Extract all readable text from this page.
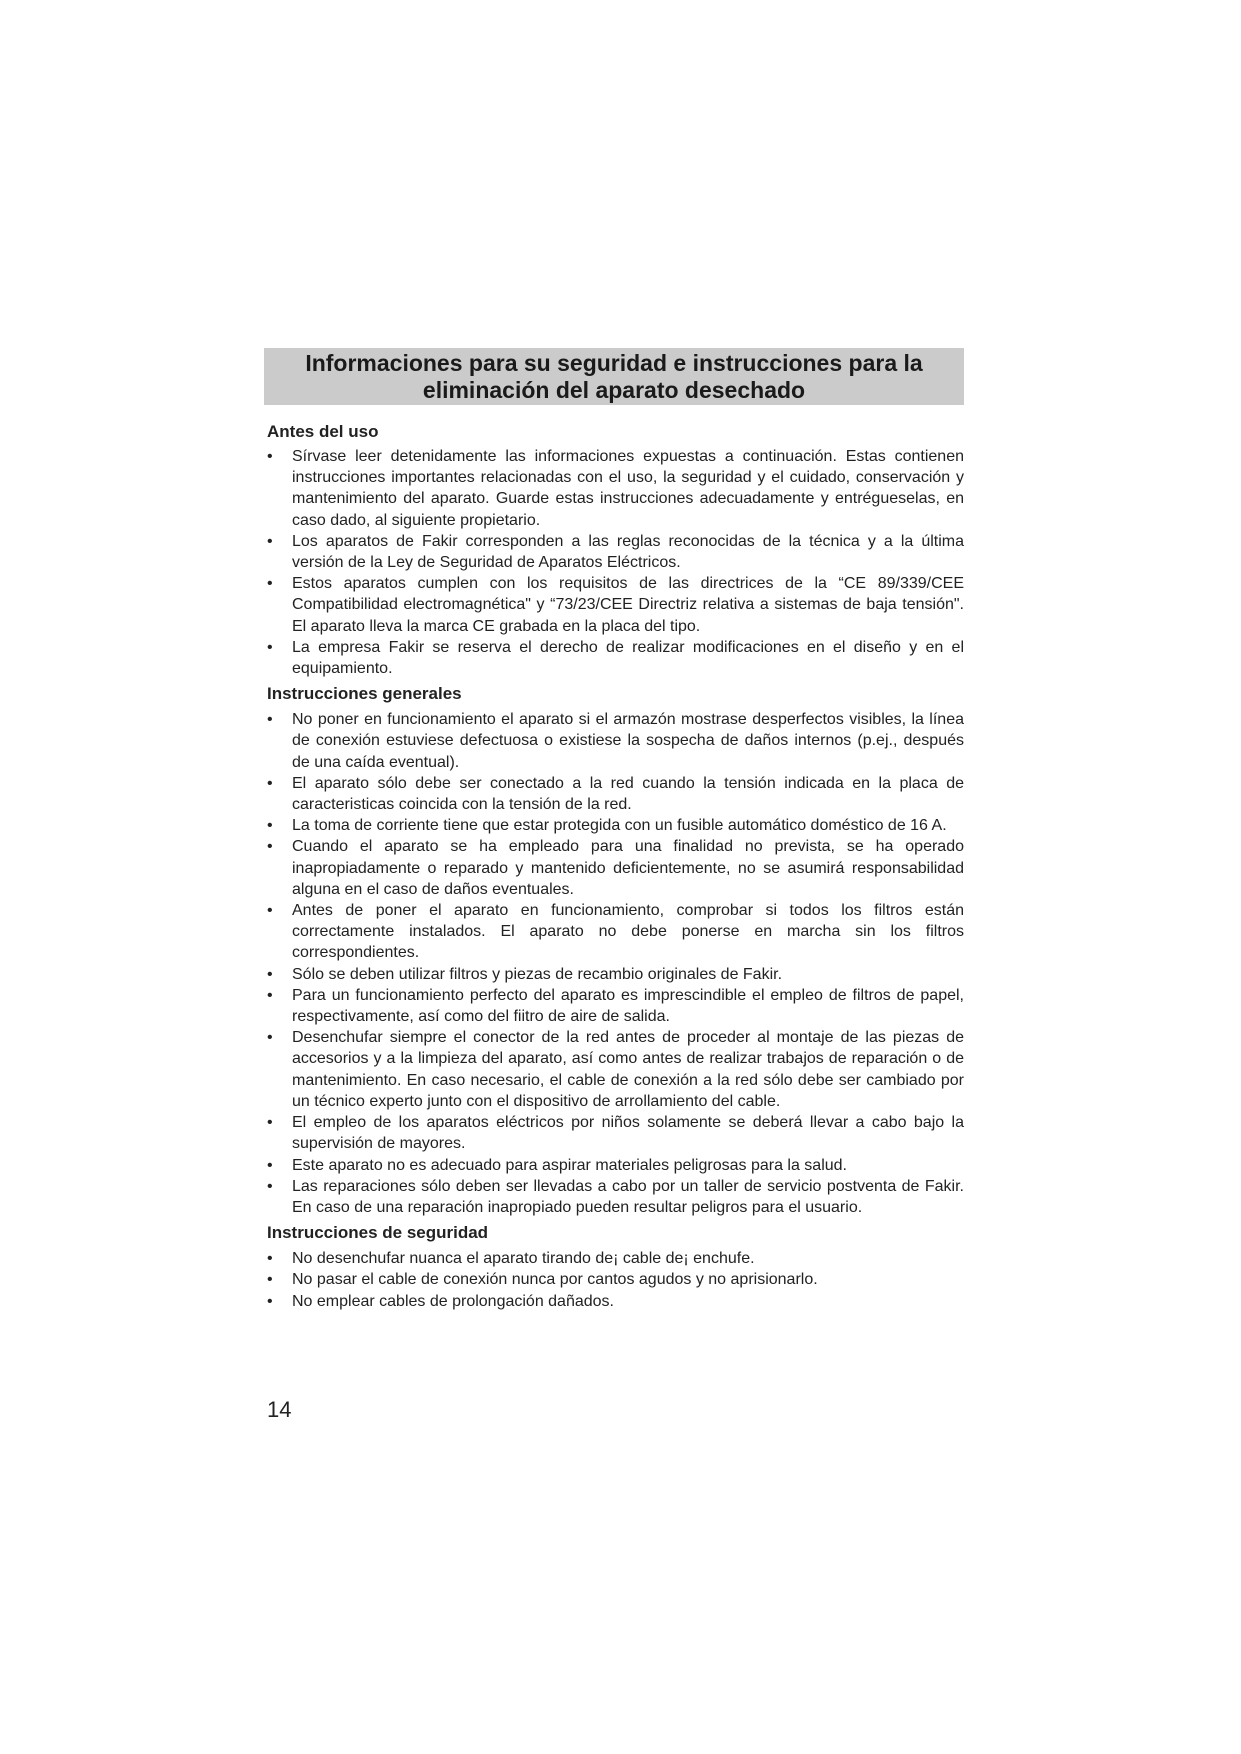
Informaciones para su seguridad e instrucciones para la
eliminación del aparato desechado
Antes del uso
• Sírvase leer detenidamente las informaciones expuestas a continuación. Estas contienen instrucciones importantes relacionadas con el uso, la seguridad y el cuidado, conservación y mantenimiento del aparato. Guarde estas instrucciones adecuadamente y entrégueselas, en caso dado, al siguiente propietario.
• Los aparatos de Fakir corresponden a las reglas reconocidas de la técnica y a la última versión de la Ley de Seguridad de Aparatos Eléctricos.
• Estos aparatos cumplen con los requisitos de las directrices de la “CE 89/339/CEE Compatibilidad electromagnética" y “73/23/CEE Directriz relativa a sistemas de baja tensión". El aparato lleva la marca CE grabada en la placa del tipo.
• La empresa Fakir se reserva el derecho de realizar modificaciones en el diseño y en el equipamiento.
Instrucciones generales
• No poner en funcionamiento el aparato si el armazón mostrase desperfectos visibles, la línea de conexión estuviese defectuosa o existiese la sospecha de daños internos (p.ej., después de una caída eventual).
• El aparato sólo debe ser conectado a la red cuando la tensión indicada en la placa de caracteristicas coincida con la tensión de la red.
• La toma de corriente tiene que estar protegida con un fusible automático doméstico de 16 A.
• Cuando el aparato se ha empleado para una finalidad no prevista, se ha operado inapropiadamente o reparado y mantenido deficientemente, no se asumirá responsabilidad alguna en el caso de daños eventuales.
• Antes de poner el aparato en funcionamiento, comprobar si todos los filtros están correctamente instalados. El aparato no debe ponerse en marcha sin los filtros correspondientes.
• Sólo se deben utilizar filtros y piezas de recambio originales de Fakir.
• Para un funcionamiento perfecto del aparato es imprescindible el empleo de filtros de papel, respectivamente, así como del fiitro de aire de salida.
• Desenchufar siempre el conector de la red antes de proceder al montaje de las piezas de accesorios y a la limpieza del aparato, así como antes de realizar trabajos de reparación o de mantenimiento. En caso necesario, el cable de conexión a la red sólo debe ser cambiado por un técnico experto junto con el dispositivo de arrollamiento del cable.
• El empleo de los aparatos eléctricos por niños solamente se deberá llevar a cabo bajo la supervisión de mayores.
• Este aparato no es adecuado para aspirar materiales peligrosas para la salud.
• Las reparaciones sólo deben ser llevadas a cabo por un taller de servicio postventa de Fakir. En caso de una reparación inapropiado pueden resultar peligros para el usuario.
Instrucciones de seguridad
• No desenchufar nuanca el aparato tirando de¡ cable de¡ enchufe.
• No pasar el cable de conexión nunca por cantos agudos y no aprisionarlo.
• No emplear cables de prolongación dañados.
14
